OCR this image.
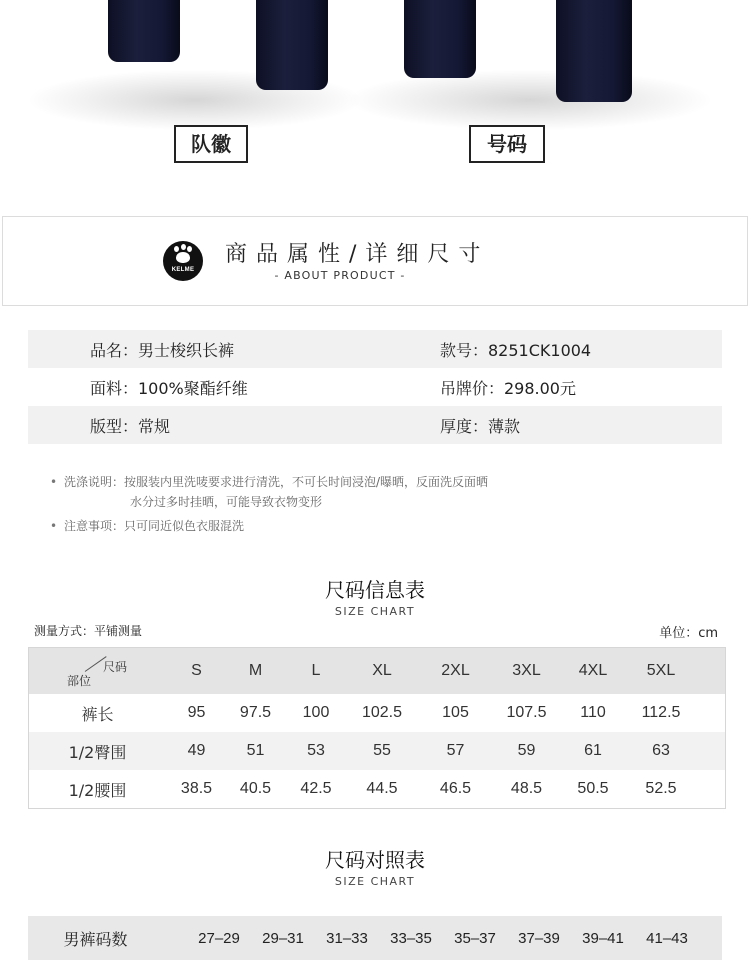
队徽	号码
KELME
商品属性/详细尺寸
- ABOUT PRODUCT -
品名：男士梭织长裤	款号：8251CK1004
面料：100%聚酯纤维	吊牌价：298.00元
版型：常规	厚度：薄款
• 洗涤说明：按服装内里洗唛要求进行清洗，不可长时间浸泡/曝晒，反面洗反面晒
水分过多时挂晒，可能导致衣物变形
• 注意事项：只可同近似色衣服混洗
尺码信息表
SIZE CHART
测量方式：平铺测量	单位：cm
尺码
部位
S	M	L	XL	2XL	3XL	4XL	5XL
裤长	95	97.5	100	102.5	105	107.5	110	112.5
1/2臀围	49	51	53	55	57	59	61	63
1/2腰围	38.5	40.5	42.5	44.5	46.5	48.5	50.5	52.5
尺码对照表
SIZE CHART
男裤码数	27–29	29–31	31–33	33–35	35–37	37–39	39–41	41–43
